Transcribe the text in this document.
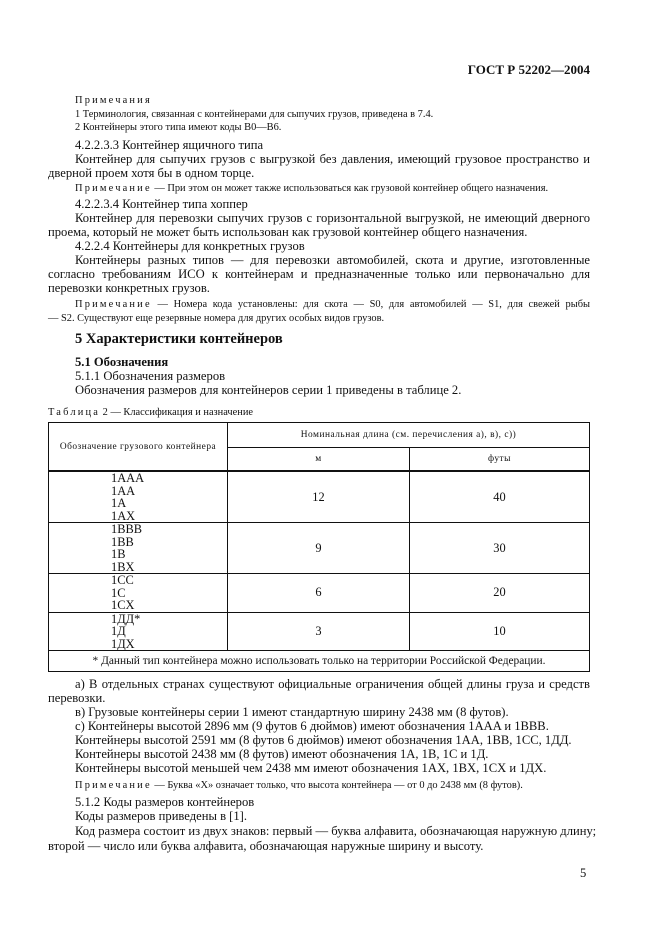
ГОСТ Р 52202—2004
Примечания
1 Терминология, связанная с контейнерами для сыпучих грузов, приведена в 7.4.
2 Контейнеры этого типа имеют коды B0—B6.
4.2.2.3.3 Контейнер ящичного типа
Контейнер для сыпучих грузов с выгрузкой без давления, имеющий грузовое пространство и
дверной проем хотя бы в одном торце.
Примечание — При этом он может также использоваться как грузовой контейнер общего назначения.
4.2.2.3.4 Контейнер типа хоппер
Контейнер для перевозки сыпучих грузов с горизонтальной выгрузкой, не имеющий дверного
проема, который не может быть использован как грузовой контейнер общего назначения.
4.2.2.4 Контейнеры для конкретных грузов
Контейнеры разных типов — для перевозки автомобилей, скота и другие, изготовленные
согласно требованиям ИСО к контейнерам и предназначенные только или первоначально для
перевозки конкретных грузов.
Примечание — Номера кода установлены: для скота — S0, для автомобилей — S1, для свежей рыбы
— S2. Существуют еще резервные номера для других особых видов грузов.
5 Характеристики контейнеров
5.1 Обозначения
5.1.1 Обозначения размеров
Обозначения размеров для контейнеров серии 1 приведены в таблице 2.
Таблица 2 — Классификация и назначение
Обозначение грузового контейнера	Номинальная длина (см. перечисления а), в), с))	
	м	футы

1AAA
1AA
1A
1AX	12	40

1BBB
1BB
1B
1BX	9	30

1CC
1C
1CX	6	20

1ДД*
1Д
1ДХ	3	10
* Данный тип контейнера можно использовать только на территории Российской Федерации.		
а) В отдельных странах существуют официальные ограничения общей длины груза и средств
перевозки.
в) Грузовые контейнеры серии 1 имеют стандартную ширину 2438 мм (8 футов).
с) Контейнеры высотой 2896 мм (9 футов 6 дюймов) имеют обозначения 1AAA и 1BBB.
Контейнеры высотой 2591 мм (8 футов 6 дюймов) имеют обозначения 1AA, 1BB, 1CC, 1ДД.
Контейнеры высотой 2438 мм (8 футов) имеют обозначения 1A, 1B, 1C и 1Д.
Контейнеры высотой меньшей чем 2438 мм имеют обозначения 1AX, 1BX, 1CX и 1ДХ.
Примечание — Буква «Х» означает только, что высота контейнера — от 0 до 2438 мм (8 футов).
5.1.2 Коды размеров контейнеров
Коды размеров приведены в [1].
Код размера состоит из двух знаков: первый — буква алфавита, обозначающая наружную длину;
второй — число или буква алфавита, обозначающая наружные ширину и высоту.
5
